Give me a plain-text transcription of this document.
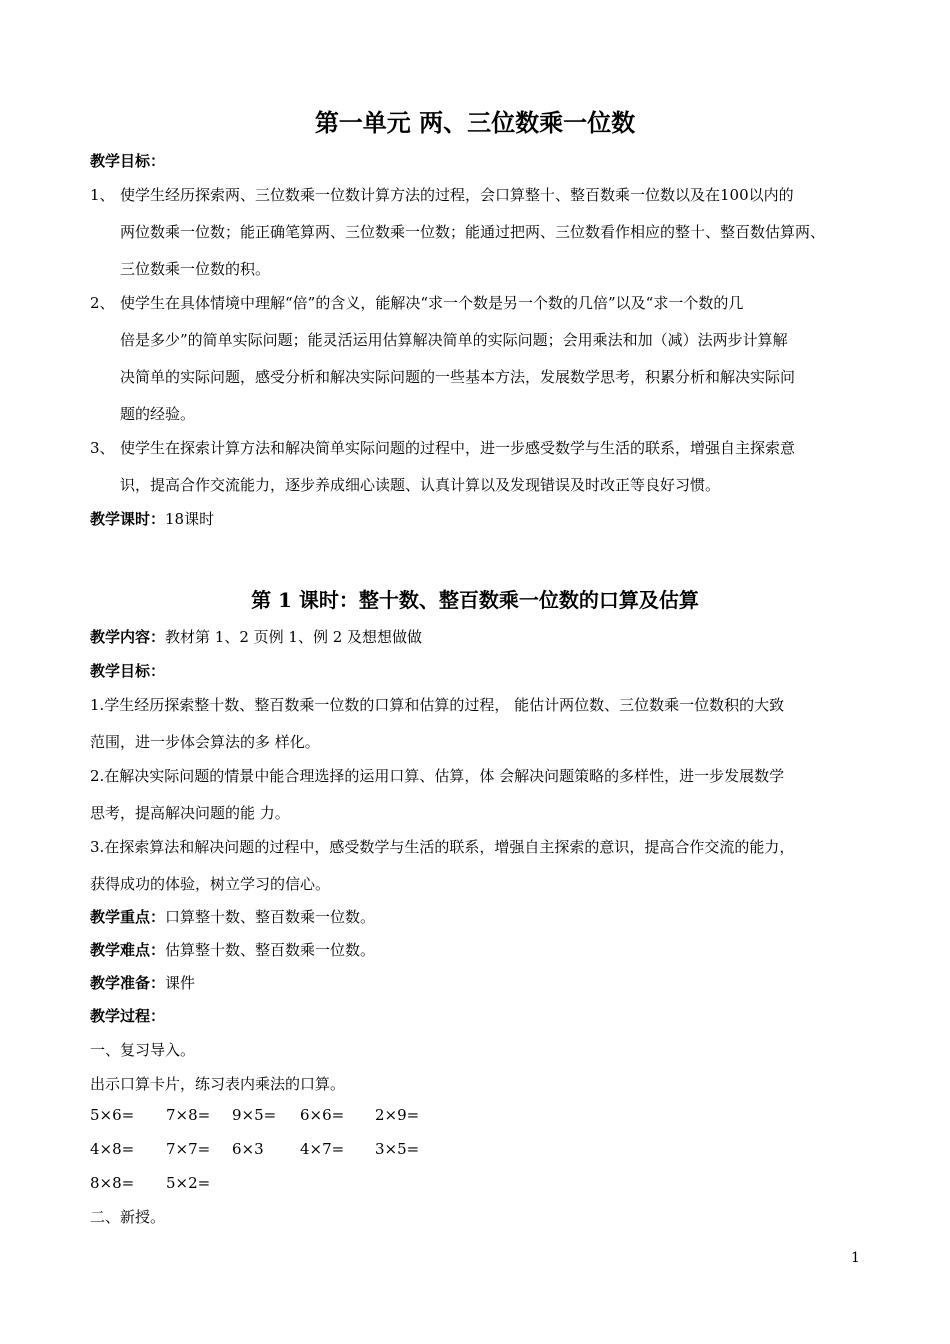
第一单元 两、三位数乘一位数
教学目标：
1、 使学生经历探索两、三位数乘一位数计算方法的过程，会口算整十、整百数乘一位数以及在100以内的
两位数乘一位数；能正确笔算两、三位数乘一位数；能通过把两、三位数看作相应的整十、整百数估算两、
三位数乘一位数的积。
2、 使学生在具体情境中理解“倍”的含义，能解决“求一个数是另一个数的几倍”以及“求一个数的几
倍是多少”的简单实际问题；能灵活运用估算解决简单的实际问题；会用乘法和加（减）法两步计算解
决简单的实际问题，感受分析和解决实际问题的一些基本方法，发展数学思考，积累分析和解决实际问
题的经验。
3、 使学生在探索计算方法和解决简单实际问题的过程中，进一步感受数学与生活的联系，增强自主探索意
识，提高合作交流能力，逐步养成细心读题、认真计算以及发现错误及时改正等良好习惯。
教学课时：18课时
第 1 课时：整十数、整百数乘一位数的口算及估算
教学内容：教材第 1、2 页例 1、例 2 及想想做做
教学目标：
1.学生经历探索整十数、整百数乘一位数的口算和估算的过程， 能估计两位数、三位数乘一位数积的大致
范围，进一步体会算法的多 样化。
2.在解决实际问题的情景中能合理选择的运用口算、估算，体 会解决问题策略的多样性，进一步发展数学
思考，提高解决问题的能 力。
3.在探索算法和解决问题的过程中，感受数学与生活的联系，增强自主探索的意识，提高合作交流的能力，
获得成功的体验，树立学习的信心。
教学重点：口算整十数、整百数乘一位数。
教学难点：估算整十数、整百数乘一位数。
教学准备：课件
教学过程：
一、复习导入。
出示口算卡片，练习表内乘法的口算。
5×6= 7×8= 9×5= 6×6= 2×9=
4×8= 7×7= 6×3 4×7= 3×5=
8×8= 5×2=
二、新授。
1
